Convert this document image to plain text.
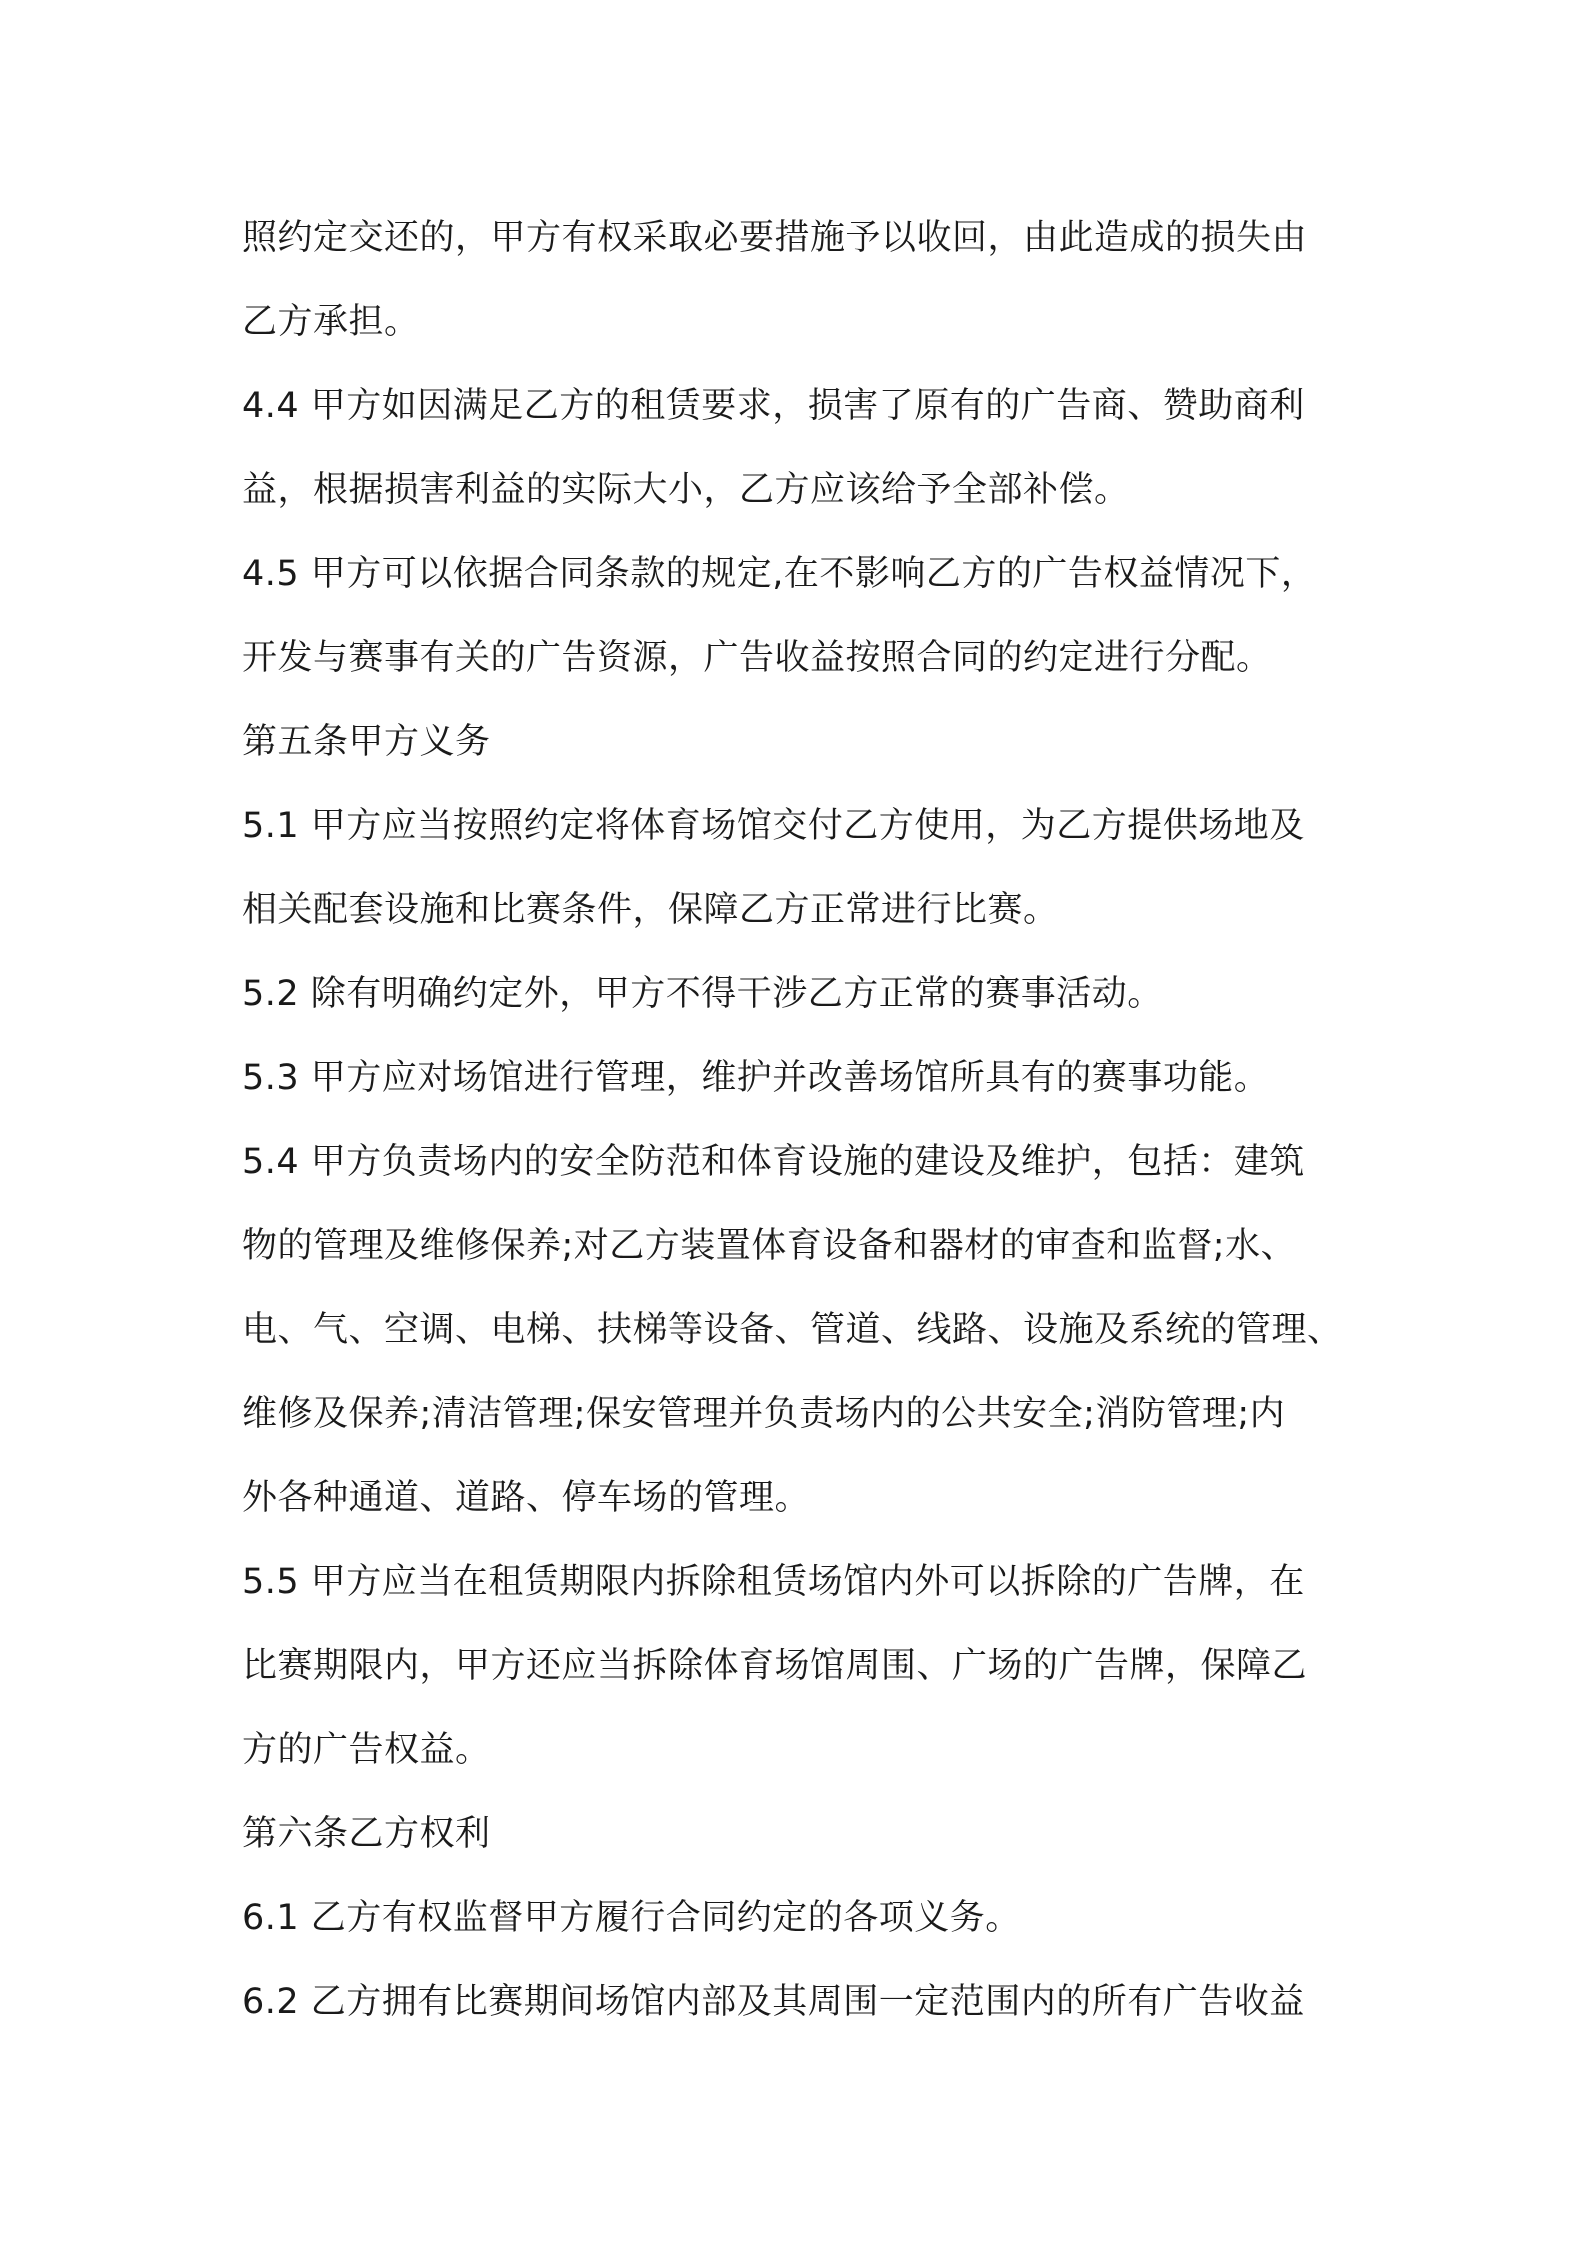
照约定交还的，甲方有权采取必要措施予以收回，由此造成的损失由
乙方承担。
4.4 甲方如因满足乙方的租赁要求，损害了原有的广告商、赞助商利
益，根据损害利益的实际大小，乙方应该给予全部补偿。
4.5 甲方可以依据合同条款的规定,在不影响乙方的广告权益情况下，
开发与赛事有关的广告资源，广告收益按照合同的约定进行分配。
第五条甲方义务
5.1 甲方应当按照约定将体育场馆交付乙方使用，为乙方提供场地及
相关配套设施和比赛条件，保障乙方正常进行比赛。
5.2 除有明确约定外，甲方不得干涉乙方正常的赛事活动。
5.3 甲方应对场馆进行管理，维护并改善场馆所具有的赛事功能。
5.4 甲方负责场内的安全防范和体育设施的建设及维护，包括：建筑
物的管理及维修保养;对乙方装置体育设备和器材的审查和监督;水、
电、气、空调、电梯、扶梯等设备、管道、线路、设施及系统的管理、
维修及保养;清洁管理;保安管理并负责场内的公共安全;消防管理;内
外各种通道、道路、停车场的管理。
5.5 甲方应当在租赁期限内拆除租赁场馆内外可以拆除的广告牌，在
比赛期限内，甲方还应当拆除体育场馆周围、广场的广告牌，保障乙
方的广告权益。
第六条乙方权利
6.1 乙方有权监督甲方履行合同约定的各项义务。
6.2 乙方拥有比赛期间场馆内部及其周围一定范围内的所有广告收益
